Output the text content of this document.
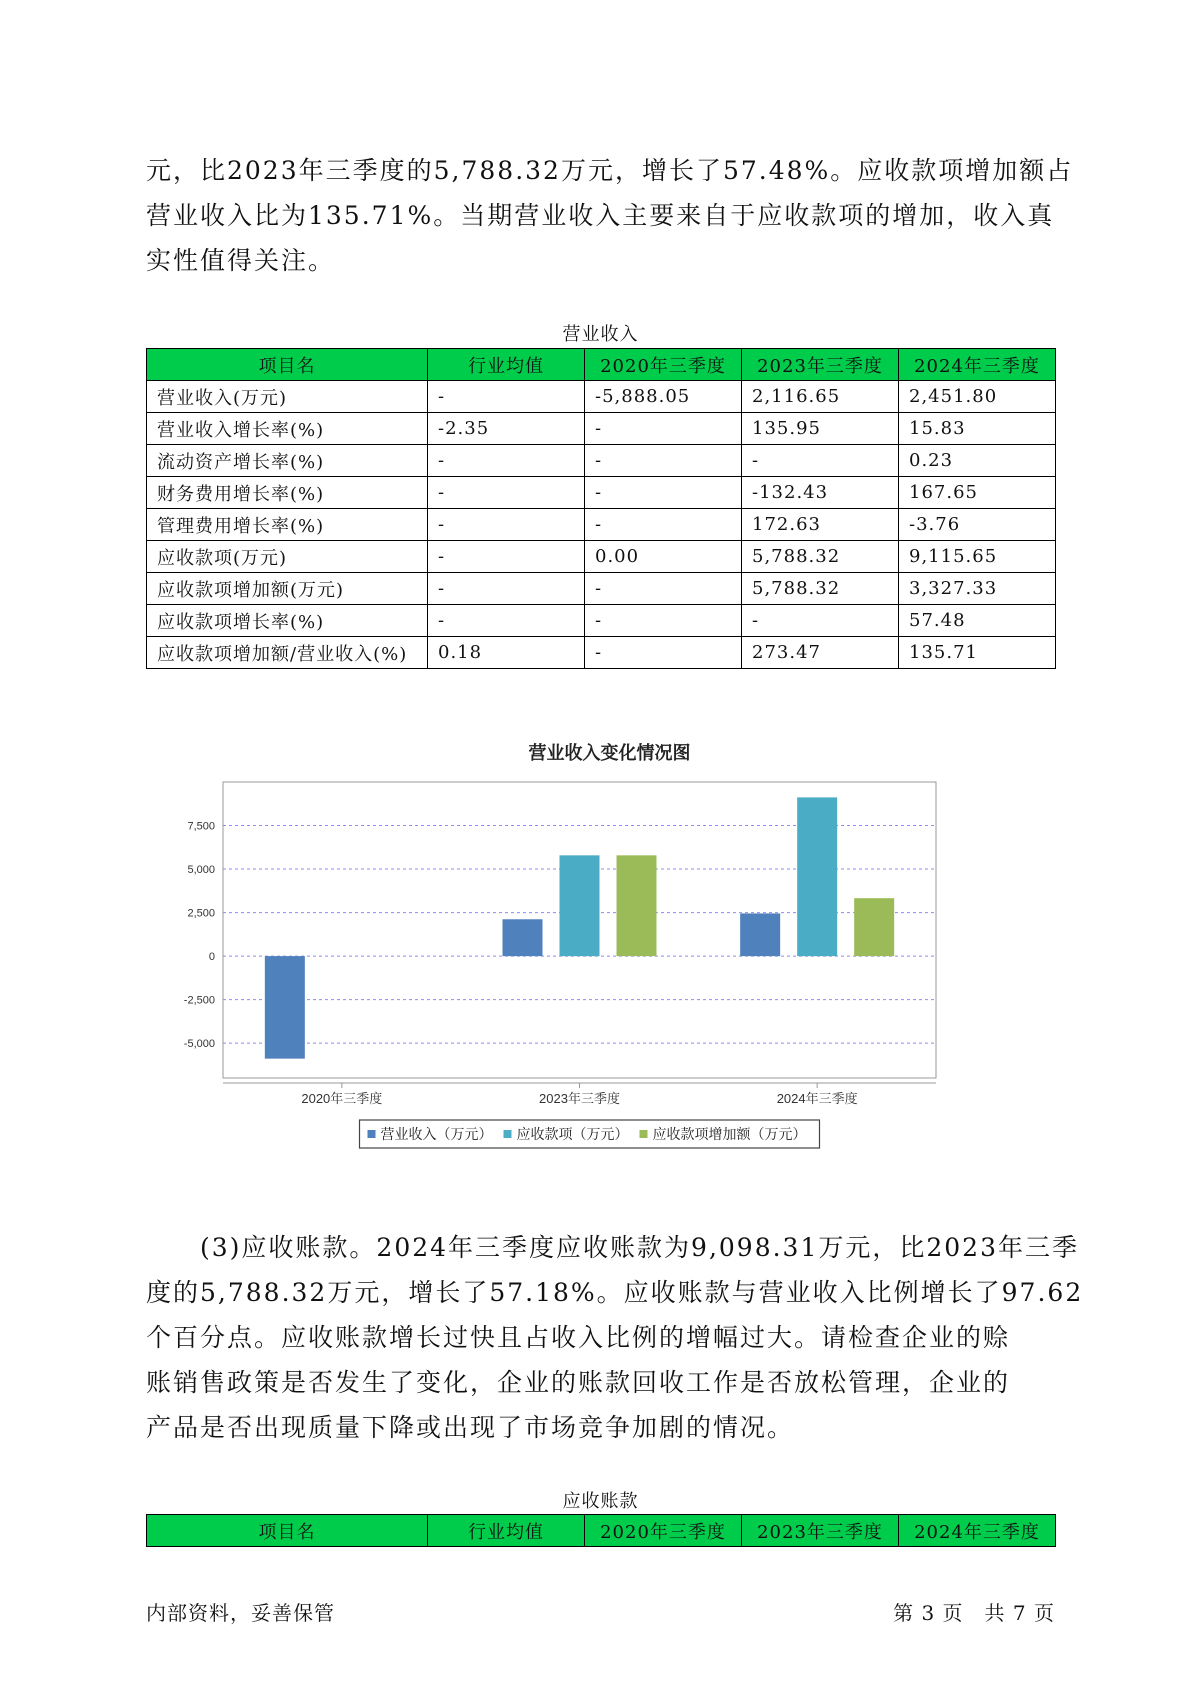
元，比2023年三季度的5,788.32万元，增长了57.48%。应收款项增加额占
营业收入比为135.71%。当期营业收入主要来自于应收款项的增加，收入真
实性值得关注。
营业收入
项目名	行业均值	2020年三季度	2023年三季度	2024年三季度
营业收入(万元)	-	-5,888.05	2,116.65	2,451.80
营业收入增长率(%)	-2.35	-	135.95	15.83
流动资产增长率(%)	-	-	-	0.23
财务费用增长率(%)	-	-	-132.43	167.65
管理费用增长率(%)	-	-	172.63	-3.76
应收款项(万元)	-	0.00	5,788.32	9,115.65
应收款项增加额(万元)	-	-	5,788.32	3,327.33
应收款项增长率(%)	-	-	-	57.48
应收款项增加额/营业收入(%)	0.18	-	273.47	135.71
营业收入变化情况图
7,500
5,000
2,500
0
-2,500
-5,000
2020年三季度	2023年三季度	2024年三季度
营业收入（万元） 应收款项（万元） 应收款项增加额（万元）
　　(3)应收账款。2024年三季度应收账款为9,098.31万元，比2023年三季
度的5,788.32万元，增长了57.18%。应收账款与营业收入比例增长了97.62
个百分点。应收账款增长过快且占收入比例的增幅过大。请检查企业的赊
账销售政策是否发生了变化，企业的账款回收工作是否放松管理，企业的
产品是否出现质量下降或出现了市场竞争加剧的情况。
应收账款
项目名	行业均值	2020年三季度	2023年三季度	2024年三季度
内部资料，妥善保管	第 3 页　共 7 页
